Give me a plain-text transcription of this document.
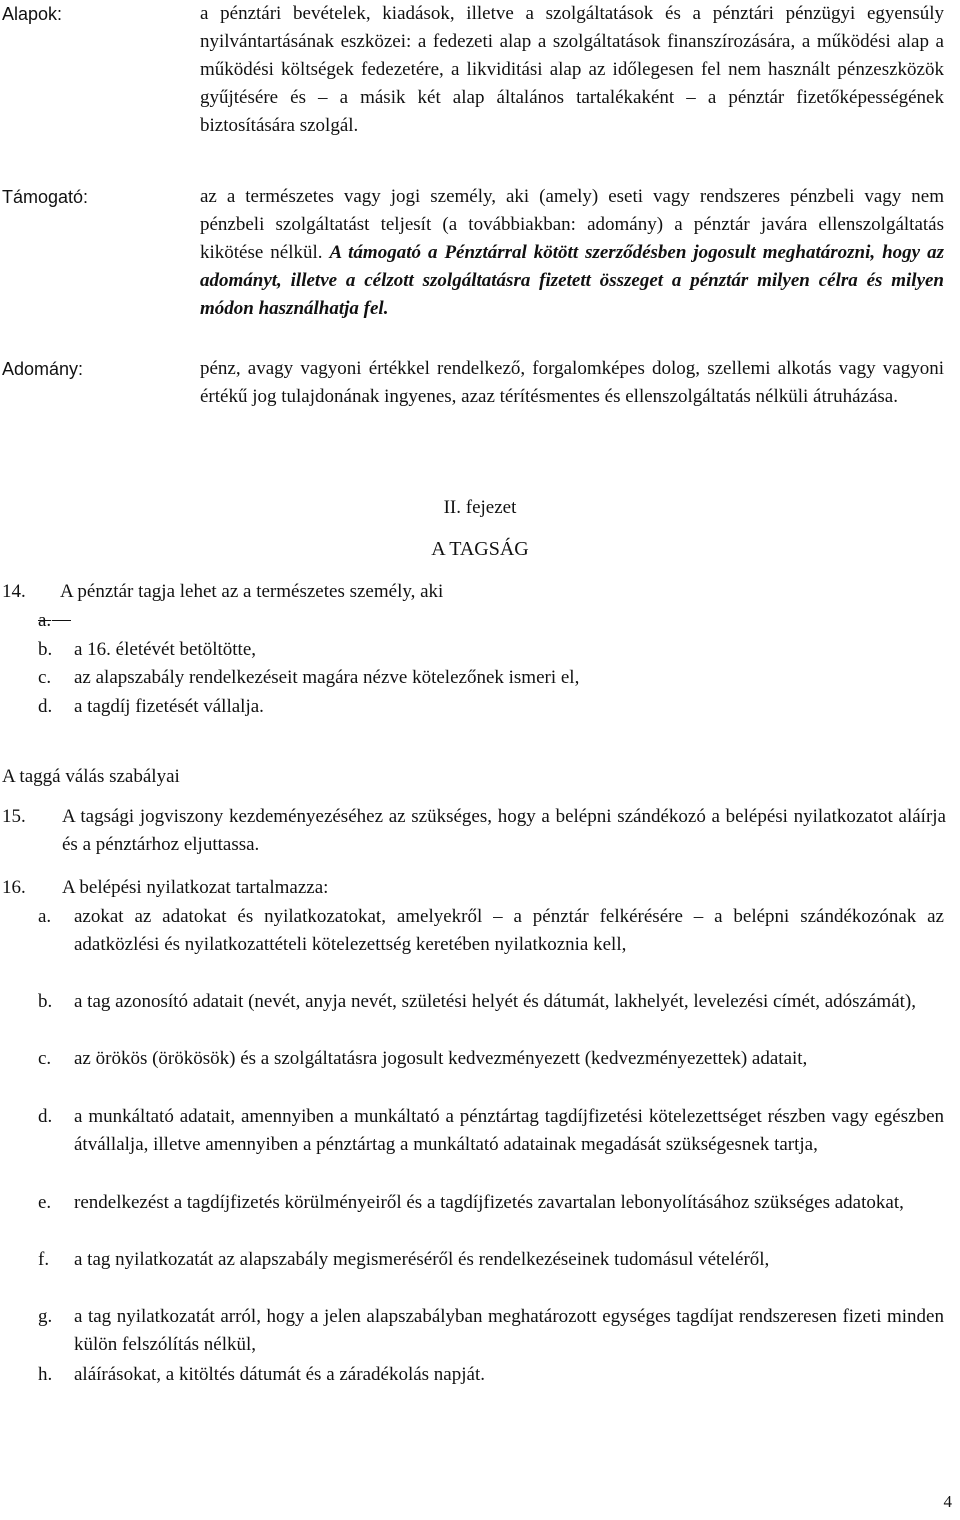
Alapok:	a pénztári bevételek, kiadások, illetve a szolgáltatások és a pénztári pénzügyi egyensúly nyilvántartásának eszközei: a fedezeti alap a szolgáltatások finanszírozására, a működési alap a működési költségek fedezetére, a likviditási alap az időlegesen fel nem használt pénzeszközök gyűjtésére és – a másik két alap általános tartalékaként – a pénztár fizetőképességének biztosítására szolgál.
Támogató:	az a természetes vagy jogi személy, aki (amely) eseti vagy rendszeres pénzbeli vagy nem pénzbeli szolgáltatást teljesít (a továbbiakban: adomány) a pénztár javára ellenszolgáltatás kikötése nélkül. A támogató a Pénztárral kötött szerződésben jogosult meghatározni, hogy az adományt, illetve a célzott szolgáltatásra fizetett összeget a pénztár milyen célra és milyen módon használhatja fel.
Adomány:	pénz, avagy vagyoni értékkel rendelkező, forgalomképes dolog, szellemi alkotás vagy vagyoni értékű jog tulajdonának ingyenes, azaz térítésmentes és ellenszolgáltatás nélküli átruházása.
II. fejezet
A TAGSÁG
14. A pénztár tagja lehet az a természetes személy, aki
a.

b. a 16. életévét betöltötte,
c. az alapszabály rendelkezéseit magára nézve kötelezőnek ismeri el,
d. a tagdíj fizetését vállalja.
A taggá válás szabályai
15. A tagsági jogviszony kezdeményezéséhez az szükséges, hogy a belépni szándékozó a belépési nyilatkozatot aláírja és a pénztárhoz eljuttassa.
16. A belépési nyilatkozat tartalmazza:
a. azokat az adatokat és nyilatkozatokat, amelyekről – a pénztár felkérésére – a belépni szándékozónak az adatközlési és nyilatkozattételi kötelezettség keretében nyilatkoznia kell,
b. a tag azonosító adatait (nevét, anyja nevét, születési helyét és dátumát, lakhelyét, levelezési címét, adószámát),
c. az örökös (örökösök) és a szolgáltatásra jogosult kedvezményezett (kedvezményezettek) adatait,
d. a munkáltató adatait, amennyiben a munkáltató a pénztártag tagdíjfizetési kötelezettséget részben vagy egészben átvállalja, illetve amennyiben a pénztártag a munkáltató adatainak megadását szükségesnek tartja,
e. rendelkezést a tagdíjfizetés körülményeiről és a tagdíjfizetés zavartalan lebonyolításához szükséges adatokat,
f. a tag nyilatkozatát az alapszabály megismeréséről és rendelkezéseinek tudomásul vételéről,
g. a tag nyilatkozatát arról, hogy a jelen alapszabályban meghatározott egységes tagdíjat rendszeresen fizeti minden külön felszólítás nélkül,
h. aláírásokat, a kitöltés dátumát és a záradékolás napját.
4
